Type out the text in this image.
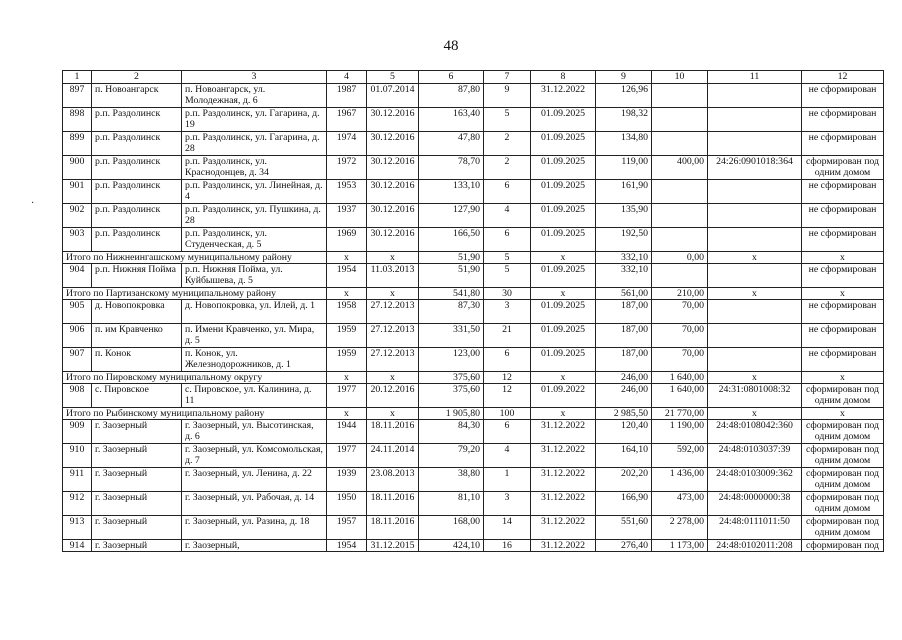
48
·
1	2	3	4	5	6	7	8	9	10	11	12
897	п. Новоангарск	п. Новоангарск, ул. Молодежная, д. 6	1987	01.07.2014	87,80	9	31.12.2022	126,96			не сформирован
898	р.п. Раздолинск	р.п. Раздолинск, ул. Гагарина, д. 19	1967	30.12.2016	163,40	5	01.09.2025	198,32			не сформирован
899	р.п. Раздолинск	р.п. Раздолинск, ул. Гагарина, д. 28	1974	30.12.2016	47,80	2	01.09.2025	134,80			не сформирован
900	р.п. Раздолинск	р.п. Раздолинск, ул. Краснодонцев, д. 34	1972	30.12.2016	78,70	2	01.09.2025	119,00	400,00	24:26:0901018:364	сформирован под одним домом
901	р.п. Раздолинск	р.п. Раздолинск, ул. Линейная, д. 4	1953	30.12.2016	133,10	6	01.09.2025	161,90			не сформирован
902	р.п. Раздолинск	р.п. Раздолинск, ул. Пушкина, д. 28	1937	30.12.2016	127,90	4	01.09.2025	135,90			не сформирован
903	р.п. Раздолинск	р.п. Раздолинск, ул. Студенческая, д. 5	1969	30.12.2016	166,50	6	01.09.2025	192,50			не сформирован
Итого по Нижнеингашскому муниципальному району			х	х	51,90	5	х	332,10	0,00	х	х
904	р.п. Нижняя Пойма	р.п. Нижняя Пойма, ул. Куйбышева, д. 5	1954	11.03.2013	51,90	5	01.09.2025	332,10			не сформирован
Итого по Партизанскому муниципальному району			х	х	541,80	30	х	561,00	210,00	х	х
905	д. Новопокровка	д. Новопокровка, ул. Илей, д. 1	1958	27.12.2013	87,30	3	01.09.2025	187,00	70,00		не сформирован
906	п. им Кравченко	п. Имени Кравченко, ул. Мира, д. 5	1959	27.12.2013	331,50	21	01.09.2025	187,00	70,00		не сформирован
907	п. Конок	п. Конок, ул. Железнодорожников, д. 1	1959	27.12.2013	123,00	6	01.09.2025	187,00	70,00		не сформирован
Итого по Пировскому муниципальному округу			х	х	375,60	12	х	246,00	1 640,00	х	х
908	с. Пировское	с. Пировское, ул. Калинина, д. 11	1977	20.12.2016	375,60	12	01.09.2022	246,00	1 640,00	24:31:0801008:32	сформирован под одним домом
Итого по Рыбинскому муниципальному району			х	х	1 905,80	100	х	2 985,50	21 770,00	х	х
909	г. Заозерный	г. Заозерный, ул. Высотинская, д. 6	1944	18.11.2016	84,30	6	31.12.2022	120,40	1 190,00	24:48:0108042:360	сформирован под одним домом
910	г. Заозерный	г. Заозерный, ул. Комсомольская, д. 7	1977	24.11.2014	79,20	4	31.12.2022	164,10	592,00	24:48:0103037:39	сформирован под одним домом
911	г. Заозерный	г. Заозерный, ул. Ленина, д. 22	1939	23.08.2013	38,80	1	31.12.2022	202,20	1 436,00	24:48:0103009:362	сформирован под одним домом
912	г. Заозерный	г. Заозерный, ул. Рабочая, д. 14	1950	18.11.2016	81,10	3	31.12.2022	166,90	473,00	24:48:0000000:38	сформирован под одним домом
913	г. Заозерный	г. Заозерный, ул. Разина, д. 18	1957	18.11.2016	168,00	14	31.12.2022	551,60	2 278,00	24:48:0111011:50	сформирован под одним домом
914	г. Заозерный	г. Заозерный,	1954	31.12.2015	424,10	16	31.12.2022	276,40	1 173,00	24:48:0102011:208	сформирован под
